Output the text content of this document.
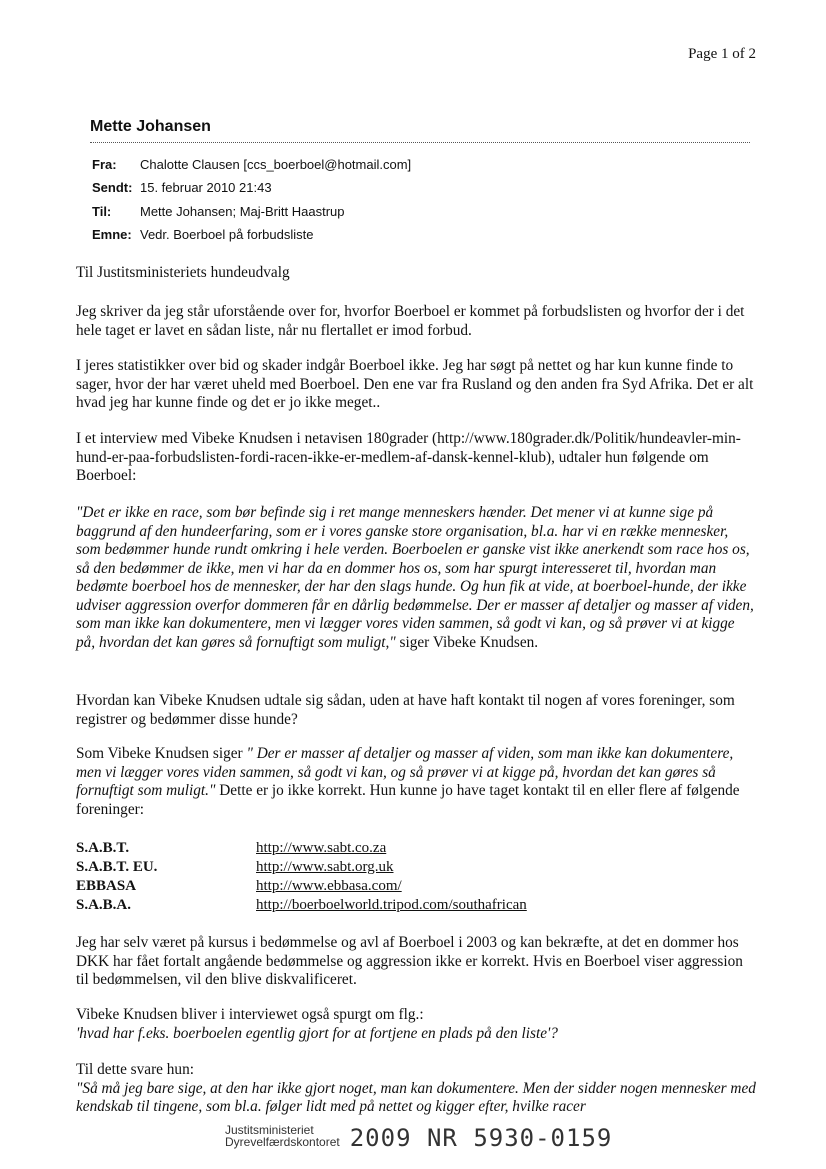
Page 1 of 2
Mette Johansen
Fra: Chalotte Clausen [ccs_boerboel@hotmail.com]
Sendt: 15. februar 2010 21:43
Til: Mette Johansen; Maj-Britt Haastrup
Emne: Vedr. Boerboel på forbudsliste

Til Justitsministeriets hundeudvalg

Jeg skriver da jeg står uforstående over for, hvorfor Boerboel er kommet på forbudslisten og hvorfor der i det hele taget er lavet en sådan liste, når nu flertallet er imod forbud.

I jeres statistikker over bid og skader indgår Boerboel ikke. Jeg har søgt på nettet og har kun kunne finde to sager, hvor der har været uheld med Boerboel. Den ene var fra Rusland og den anden fra Syd Afrika. Det er alt hvad jeg har kunne finde og det er jo ikke meget..

I et interview med Vibeke Knudsen i netavisen 180grader (http://www.180grader.dk/Politik/hundeavler-min-hund-er-paa-forbudslisten-fordi-racen-ikke-er-medlem-af-dansk-kennel-klub), udtaler hun følgende om Boerboel:

"Det er ikke en race, som bør befinde sig i ret mange menneskers hænder. Det mener vi at kunne sige på baggrund af den hundeerfaring, som er i vores ganske store organisation, bl.a. har vi en række mennesker, som bedømmer hunde rundt omkring i hele verden. Boerboelen er ganske vist ikke anerkendt som race hos os, så den bedømmer de ikke, men vi har da en dommer hos os, som har spurgt interesseret til, hvordan man bedømte boerboel hos de mennesker, der har den slags hunde. Og hun fik at vide, at boerboel-hunde, der ikke udviser aggression overfor dommeren får en dårlig bedømmelse. Der er masser af detaljer og masser af viden, som man ikke kan dokumentere, men vi lægger vores viden sammen, så godt vi kan, og så prøver vi at kigge på, hvordan det kan gøres så fornuftigt som muligt," siger Vibeke Knudsen.

Hvordan kan Vibeke Knudsen udtale sig sådan, uden at have haft kontakt til nogen af vores foreninger, som registrer og bedømmer disse hunde?

Som Vibeke Knudsen siger " Der er masser af detaljer og masser af viden, som man ikke kan dokumentere, men vi lægger vores viden sammen, så godt vi kan, og så prøver vi at kigge på, hvordan det kan gøres så fornuftigt som muligt." Dette er jo ikke korrekt. Hun kunne jo have taget kontakt til en eller flere af følgende foreninger:

S.A.B.T.	http://www.sabt.co.za
S.A.B.T. EU.	http://www.sabt.org.uk
EBBASA	http://www.ebbasa.com/
S.A.B.A.	http://boerboelworld.tripod.com/southafrican

Jeg har selv været på kursus i bedømmelse og avl af Boerboel i 2003 og kan bekræfte, at det en dommer hos DKK har fået fortalt angående bedømmelse og aggression ikke er korrekt. Hvis en Boerboel viser aggression til bedømmelsen, vil den blive diskvalificeret.

Vibeke Knudsen bliver i interviewet også spurgt om flg.:

'hvad har f.eks. boerboelen egentlig gjort for at fortjene en plads på den liste'?

Til dette svare hun:

"Så må jeg bare sige, at den har ikke gjort noget, man kan dokumentere. Men der sidder nogen mennesker med kendskab til tingene, som bl.a. følger lidt med på nettet og kigger efter, hvilke racer

Justitsministeriet
Dyrevelfærdskontoret 2009 NR 5930-0159
